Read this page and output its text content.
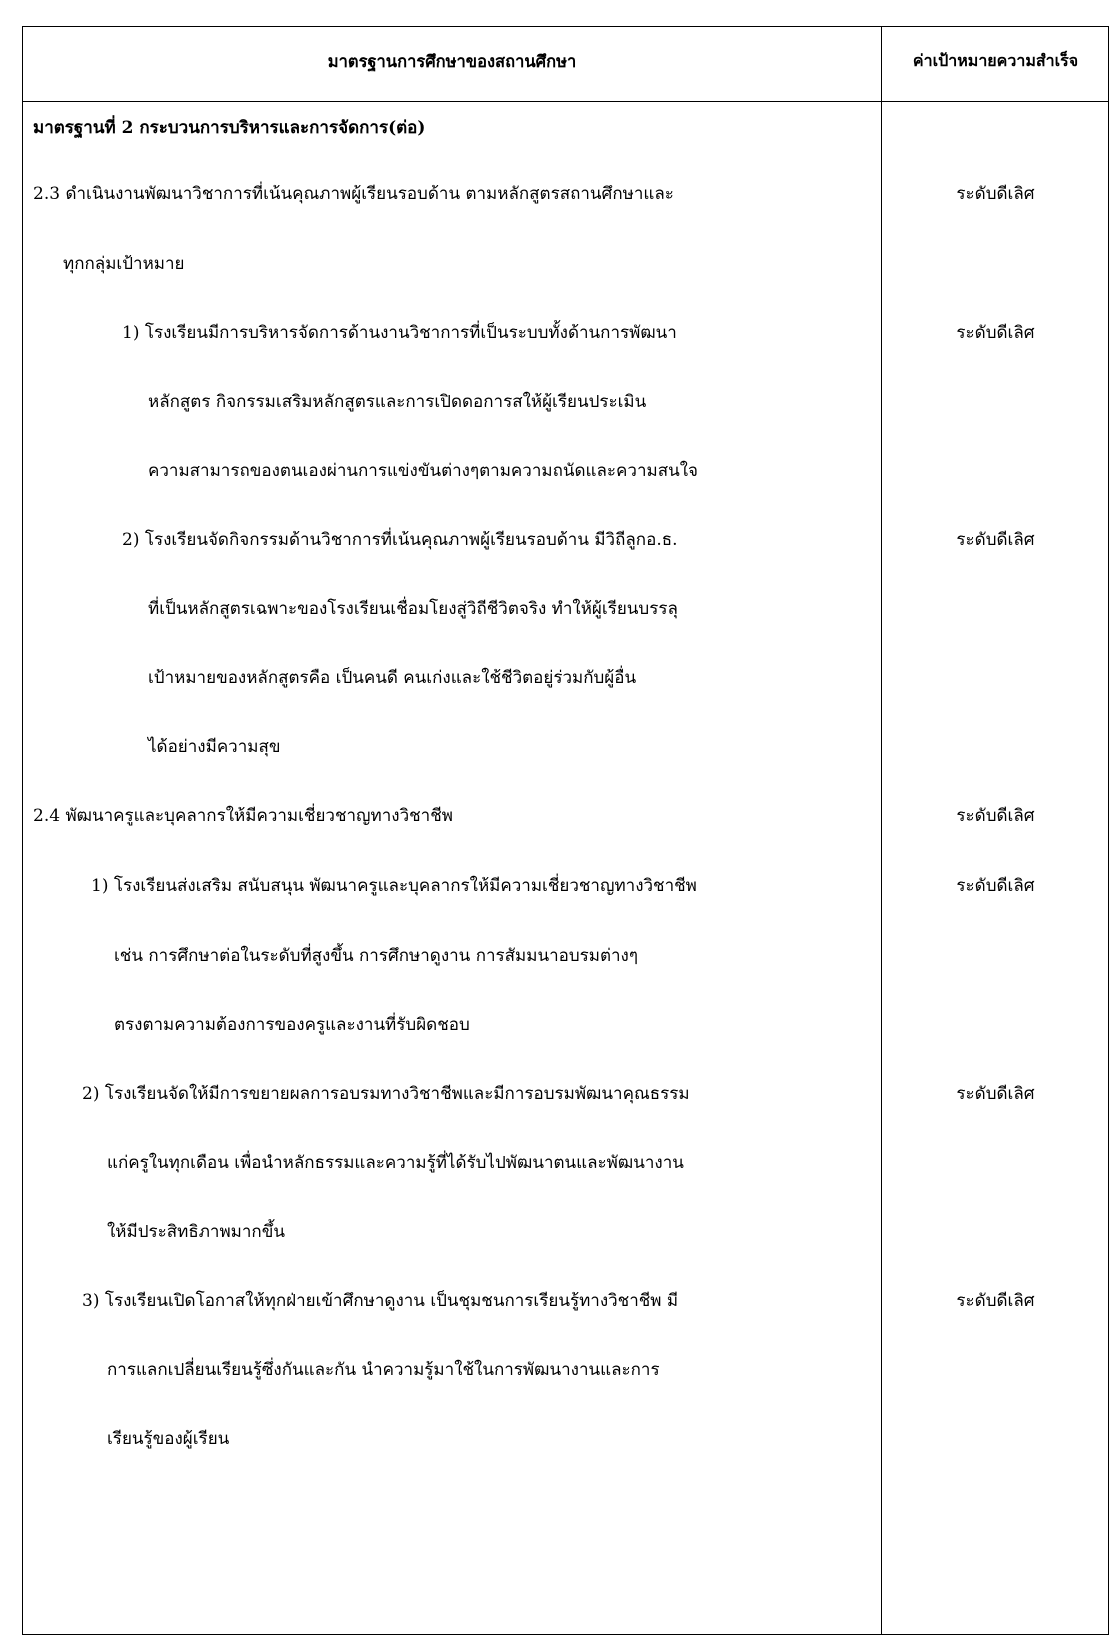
มาตรฐานการศึกษาของสถานศึกษา	ค่าเป้าหมายความสำเร็จ
มาตรฐานที่ 2 กระบวนการบริหารและการจัดการ(ต่อ)
2.3 ดำเนินงานพัฒนาวิชาการที่เน้นคุณภาพผู้เรียนรอบด้าน ตามหลักสูตรสถานศึกษาและ
ทุกกลุ่มเป้าหมาย
1) โรงเรียนมีการบริหารจัดการด้านงานวิชาการที่เป็นระบบทั้งด้านการพัฒนา
หลักสูตร กิจกรรมเสริมหลักสูตรและการเปิดดอการสให้ผู้เรียนประเมิน
ความสามารถของตนเองผ่านการแข่งขันต่างๆตามความถนัดและความสนใจ
2) โรงเรียนจัดกิจกรรมด้านวิชาการที่เน้นคุณภาพผู้เรียนรอบด้าน มีวิถีลูกอ.ธ.
ที่เป็นหลักสูตรเฉพาะของโรงเรียนเชื่อมโยงสู่วิถีชีวิตจริง ทำให้ผู้เรียนบรรลุ
เป้าหมายของหลักสูตรคือ เป็นคนดี คนเก่งและใช้ชีวิตอยู่ร่วมกับผู้อื่น
ได้อย่างมีความสุข
2.4 พัฒนาครูและบุคลากรให้มีความเชี่ยวชาญทางวิชาชีพ
1) โรงเรียนส่งเสริม สนับสนุน พัฒนาครูและบุคลากรให้มีความเชี่ยวชาญทางวิชาชีพ
เช่น การศึกษาต่อในระดับที่สูงขึ้น การศึกษาดูงาน การสัมมนาอบรมต่างๆ
ตรงตามความต้องการของครูและงานที่รับผิดชอบ
2) โรงเรียนจัดให้มีการขยายผลการอบรมทางวิชาชีพและมีการอบรมพัฒนาคุณธรรม
แก่ครูในทุกเดือน เพื่อนำหลักธรรมและความรู้ที่ได้รับไปพัฒนาตนและพัฒนางาน
ให้มีประสิทธิภาพมากขึ้น
3) โรงเรียนเปิดโอกาสให้ทุกฝ่ายเข้าศึกษาดูงาน เป็นชุมชนการเรียนรู้ทางวิชาชีพ มี
การแลกเปลี่ยนเรียนรู้ซึ่งกันและกัน นำความรู้มาใช้ในการพัฒนางานและการ
เรียนรู้ของผู้เรียน
ระดับดีเลิศ
ระดับดีเลิศ
ระดับดีเลิศ
ระดับดีเลิศ
ระดับดีเลิศ
ระดับดีเลิศ
ระดับดีเลิศ
